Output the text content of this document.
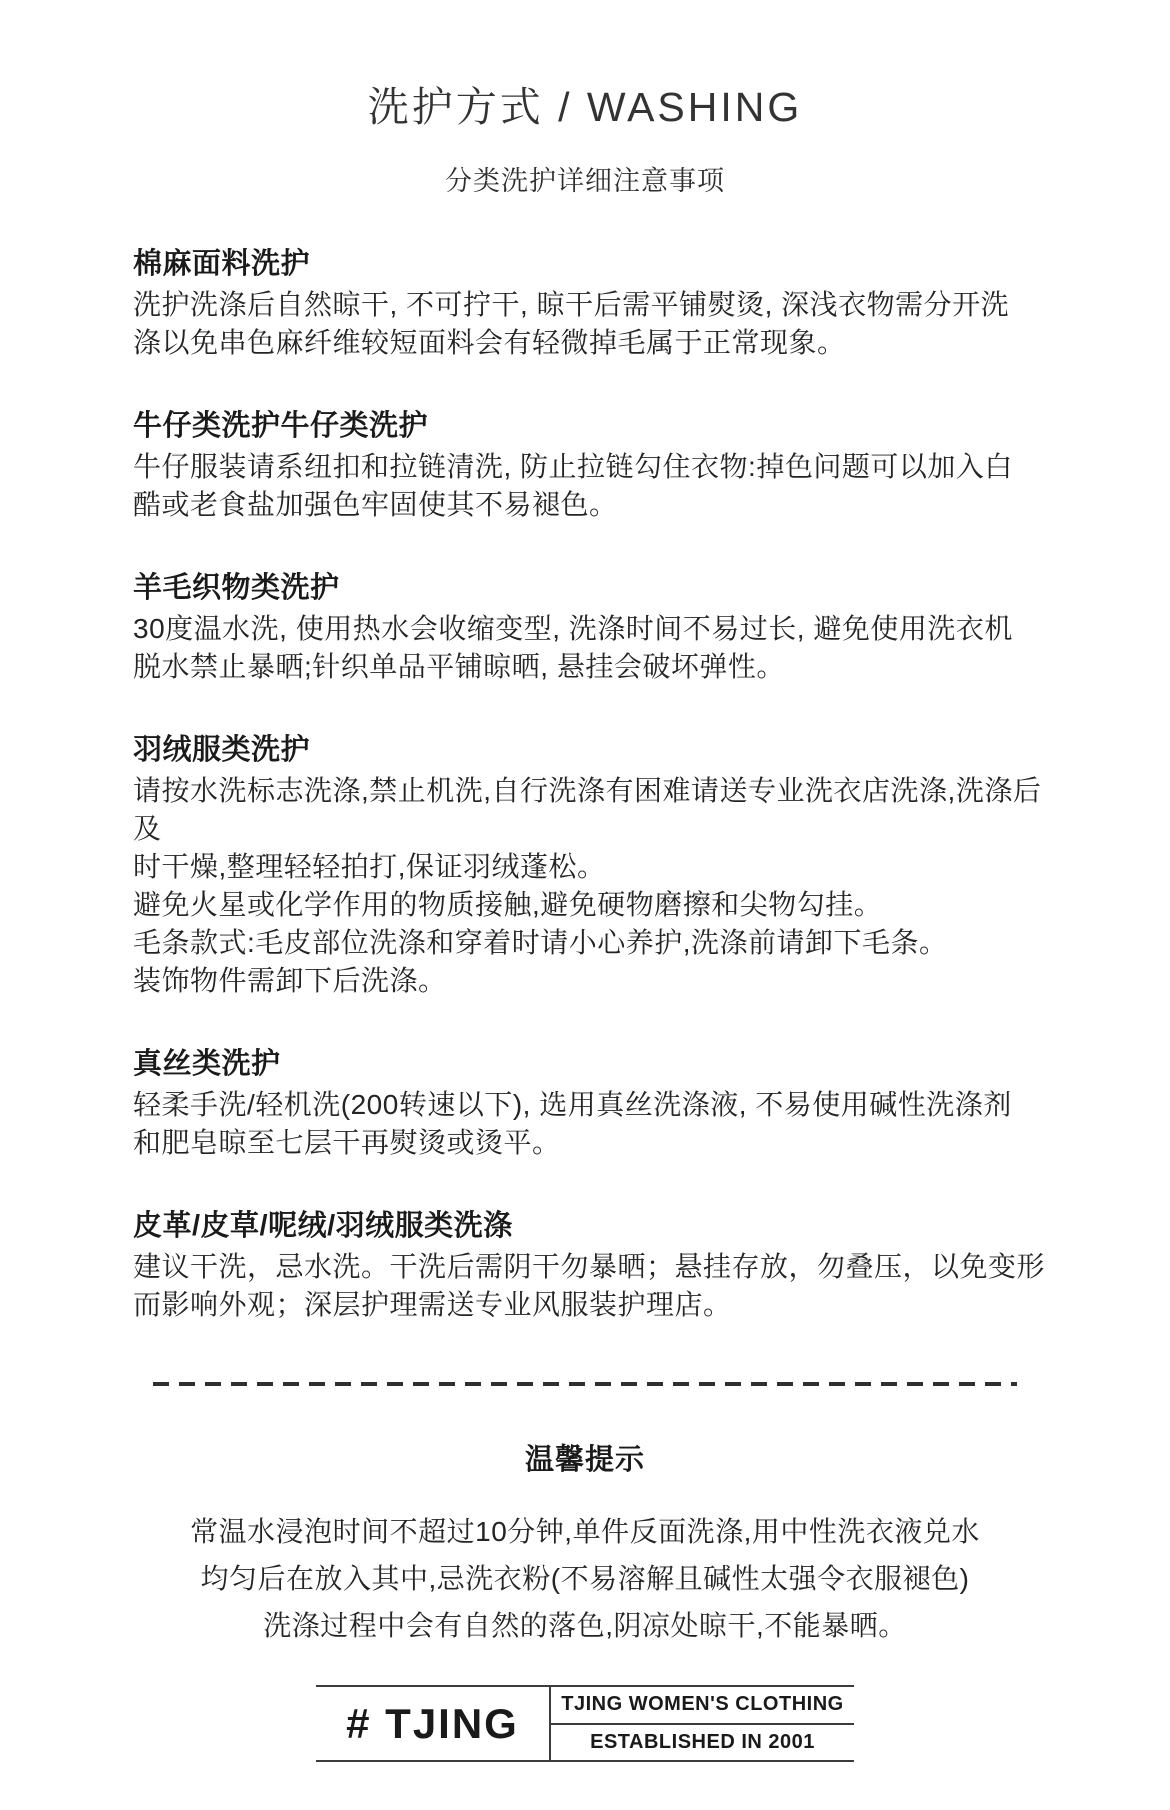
洗护方式 / WASHING
分类洗护详细注意事项
棉麻面料洗护
洗护洗涤后自然晾干, 不可拧干, 晾干后需平铺熨烫, 深浅衣物需分开洗
涤以免串色麻纤维较短面料会有轻微掉毛属于正常现象。
牛仔类洗护牛仔类洗护
牛仔服装请系纽扣和拉链清洗, 防止拉链勾住衣物:掉色问题可以加入白
酷或老食盐加强色牢固使其不易褪色。
羊毛织物类洗护
30度温水洗, 使用热水会收缩变型, 洗涤时间不易过长, 避免使用洗衣机
脱水禁止暴晒;针织单品平铺晾晒, 悬挂会破坏弹性。
羽绒服类洗护
请按水洗标志洗涤,禁止机洗,自行洗涤有困难请送专业洗衣店洗涤,洗涤后及
时干燥,整理轻轻拍打,保证羽绒蓬松。
避免火星或化学作用的物质接触,避免硬物磨擦和尖物勾挂。
毛条款式:毛皮部位洗涤和穿着时请小心养护,洗涤前请卸下毛条。
装饰物件需卸下后洗涤。
真丝类洗护
轻柔手洗/轻机洗(200转速以下), 选用真丝洗涤液, 不易使用碱性洗涤剂
和肥皂晾至七层干再熨烫或烫平。
皮革/皮草/呢绒/羽绒服类洗涤
建议干洗，忌水洗。干洗后需阴干勿暴晒；悬挂存放，勿叠压，以免变形
而影响外观；深层护理需送专业风服装护理店。
温馨提示
常温水浸泡时间不超过10分钟,单件反面洗涤,用中性洗衣液兑水
均匀后在放入其中,忌洗衣粉(不易溶解且碱性太强令衣服褪色)
洗涤过程中会有自然的落色,阴凉处晾干,不能暴晒。
# TJING	TJING WOMEN'S CLOTHING
ESTABLISHED IN 2001
